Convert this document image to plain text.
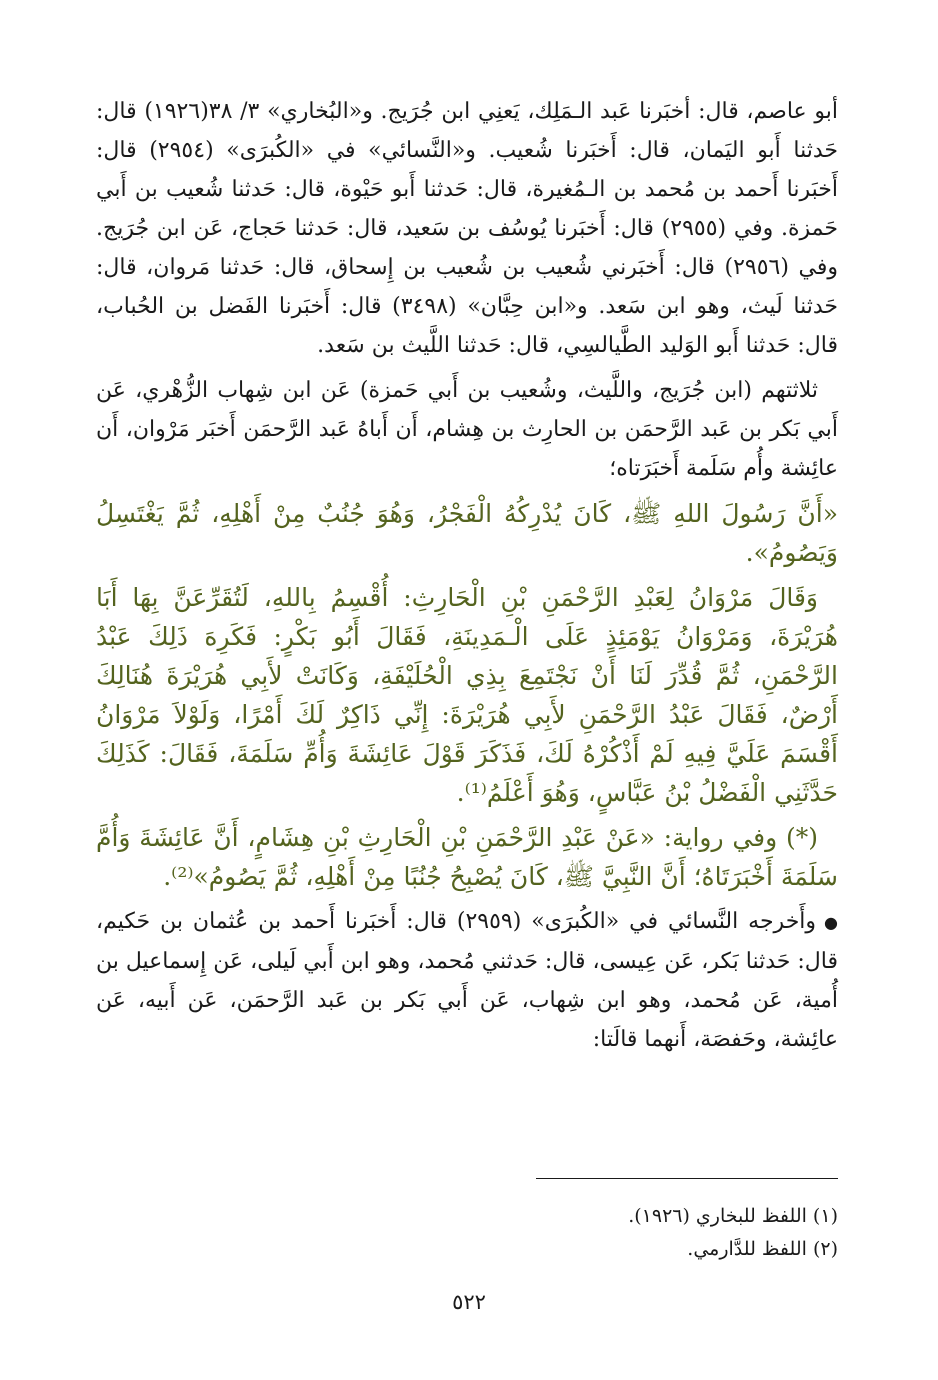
أبو عاصم، قال: أخبَرنا عَبد الـمَلِك، يَعنِي ابن جُرَيج. و«البُخاري» ٣/ ٣٨(١٩٢٦) قال: حَدثنا أَبو اليَمان، قال: أَخبَرنا شُعيب. و«النَّسائي» في «الكُبرَى» (٢٩٥٤) قال: أَخبَرنا أَحمد بن مُحمد بن الـمُغيرة، قال: حَدثنا أَبو حَيْوة، قال: حَدثنا شُعيب بن أَبي حَمزة. وفي (٢٩٥٥) قال: أَخبَرنا يُوسُف بن سَعيد، قال: حَدثنا حَجاج، عَن ابن جُرَيج. وفي (٢٩٥٦) قال: أَخبَرني شُعيب بن شُعيب بن إِسحاق، قال: حَدثنا مَروان، قال: حَدثنا لَيث، وهو ابن سَعد. و«ابن حِبَّان» (٣٤٩٨) قال: أَخبَرنا الفَضل بن الحُباب، قال: حَدثنا أَبو الوَليد الطَّيالسِي، قال: حَدثنا اللَّيث بن سَعد.

ثلاثتهم (ابن جُرَيج، واللَّيث، وشُعيب بن أَبي حَمزة) عَن ابن شِهاب الزُّهْري، عَن أَبي بَكر بن عَبد الرَّحمَن بن الحارِث بن هِشام، أَن أَباهُ عَبد الرَّحمَن أَخبَر مَرْوان، أَن عائِشة وأُم سَلَمة أَخبَرَتاه؛

«أَنَّ رَسُولَ اللهِ ﷺ، كَانَ يُدْرِكُهُ الْفَجْرُ، وَهُوَ جُنُبٌ مِنْ أَهْلِهِ، ثُمَّ يَغْتَسِلُ وَيَصُومُ».

وَقَالَ مَرْوَانُ لِعَبْدِ الرَّحْمَنِ بْنِ الْحَارِثِ: أُقْسِمُ بِاللهِ، لَتُقَرِّعَنَّ بِهَا أَبَا هُرَيْرَةَ، وَمَرْوَانُ يَوْمَئِذٍ عَلَى الْـمَدِينَةِ، فَقَالَ أَبُو بَكْرٍ: فَكَرِهَ ذَلِكَ عَبْدُ الرَّحْمَنِ، ثُمَّ قُدِّرَ لَنَا أَنْ نَجْتَمِعَ بِذِي الْحُلَيْفَةِ، وَكَانَتْ لأَبِي هُرَيْرَةَ هُنَالِكَ أَرْضٌ، فَقَالَ عَبْدُ الرَّحْمَنِ لأَبِي هُرَيْرَةَ: إِنِّي ذَاكِرٌ لَكَ أَمْرًا، وَلَوْلاَ مَرْوَانُ أَقْسَمَ عَلَيَّ فِيهِ لَمْ أَذْكُرْهُ لَكَ، فَذَكَرَ قَوْلَ عَائِشَةَ وَأُمِّ سَلَمَةَ، فَقَالَ: كَذَلِكَ حَدَّثَنِي الْفَضْلُ بْنُ عَبَّاسٍ، وَهُوَ أَعْلَمُ⁽¹⁾.

(*) وفي رواية: «عَنْ عَبْدِ الرَّحْمَنِ بْنِ الْحَارِثِ بْنِ هِشَامٍ، أَنَّ عَائِشَةَ وَأُمَّ سَلَمَةَ أَخْبَرَتَاهُ؛ أَنَّ النَّبِيَّ ﷺ، كَانَ يُصْبِحُ جُنُبًا مِنْ أَهْلِهِ، ثُمَّ يَصُومُ»⁽²⁾.

●وأَخرجه النَّسائي في «الكُبرَى» (٢٩٥٩) قال: أَخبَرنا أَحمد بن عُثمان بن حَكيم، قال: حَدثنا بَكر، عَن عِيسى، قال: حَدثني مُحمد، وهو ابن أَبي لَيلى، عَن إِسماعيل بن أُمية، عَن مُحمد، وهو ابن شِهاب، عَن أَبي بَكر بن عَبد الرَّحمَن، عَن أَبيه، عَن عائِشة، وحَفصَة، أَنهما قالَتا:

(١) اللفظ للبخاري (١٩٢٦).

(٢) اللفظ للدَّارمي.

٥٢٢
